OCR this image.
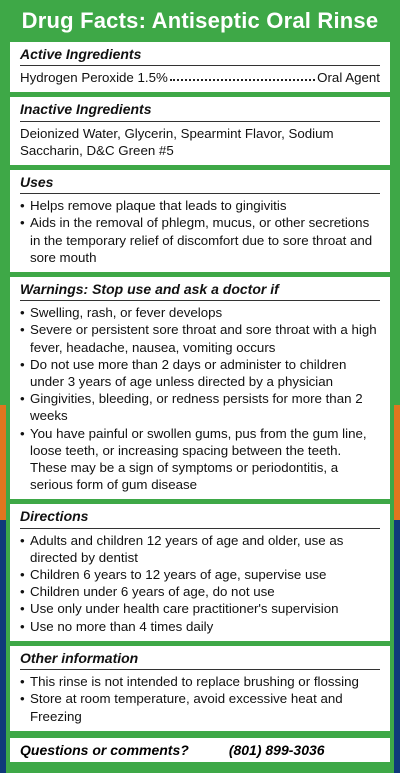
Drug Facts: Antiseptic Oral Rinse
Active Ingredients
Hydrogen Peroxide 1.5%	Oral Agent
Inactive Ingredients
Deionized Water, Glycerin, Spearmint Flavor, Sodium Saccharin, D&C Green #5
Uses
• Helps remove plaque that leads to gingivitis
• Aids in the removal of phlegm, mucus, or other secretions in the temporary relief of discomfort due to sore throat and sore mouth
Warnings: Stop use and ask a doctor if
• Swelling, rash, or fever develops
• Severe or persistent sore throat and sore throat with a high fever, headache, nausea, vomiting occurs
• Do not use more than 2 days or administer to children under 3 years of age unless directed by a physician
• Gingivities, bleeding, or redness persists for more than 2 weeks
• You have painful or swollen gums, pus from the gum line, loose teeth, or increasing spacing between the teeth. These may be a sign of symptoms or periodontitis, a serious form of gum disease
Directions
• Adults and children 12 years of age and older, use as directed by dentist
• Children 6 years to 12 years of age, supervise use
• Children under 6 years of age, do not use
• Use only under health care practitioner's supervision
• Use no more than 4 times daily
Other information
• This rinse is not intended to replace brushing or flossing
• Store at room temperature, avoid excessive heat and Freezing
Questions or comments?	(801) 899-3036
